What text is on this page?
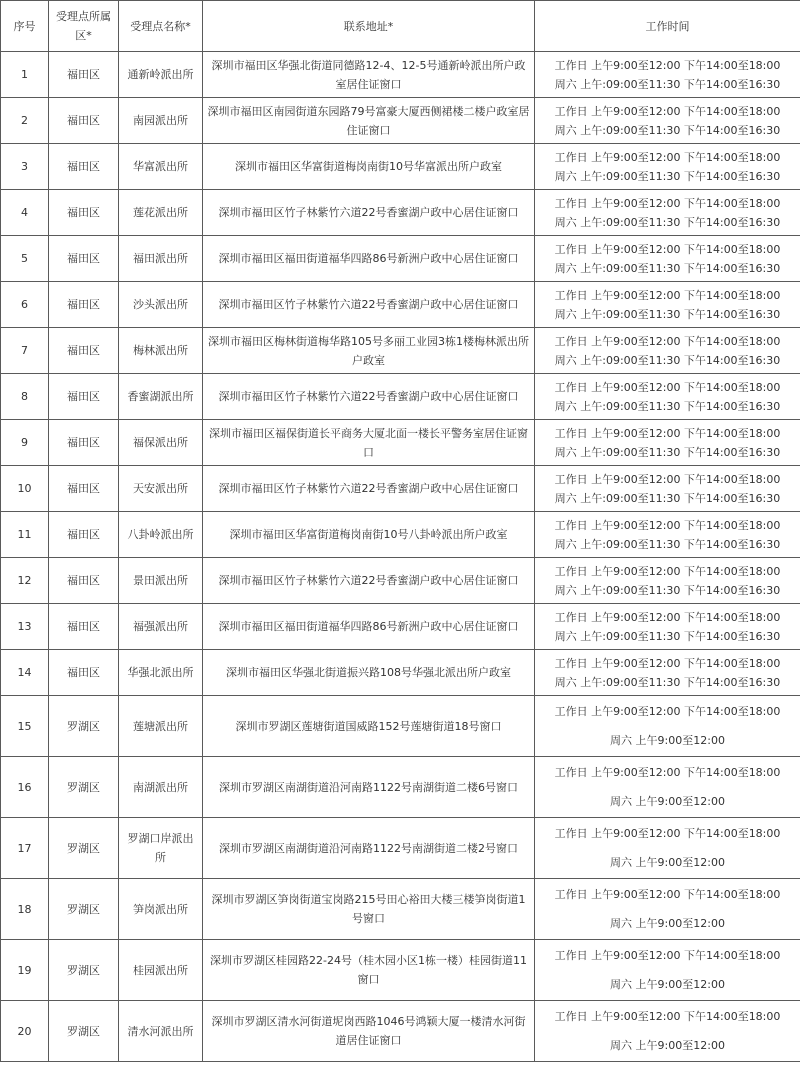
序号	受理点所属区*	受理点名称*	联系地址*	工作时间
1	福田区	通新岭派出所	深圳市福田区华强北街道同德路12-4、12-5号通新岭派出所户政室居住证窗口	工作日 上午9:00至12:00 下午14:00至18:00
周六 上午:09:00至11:30 下午14:00至16:30

2	福田区	南园派出所	深圳市福田区南园街道东园路79号富豪大厦西侧裙楼二楼户政室居住证窗口	工作日 上午9:00至12:00 下午14:00至18:00
周六 上午:09:00至11:30 下午14:00至16:30

3	福田区	华富派出所	深圳市福田区华富街道梅岗南街10号华富派出所户政室	工作日 上午9:00至12:00 下午14:00至18:00
周六 上午:09:00至11:30 下午14:00至16:30

4	福田区	莲花派出所	深圳市福田区竹子林紫竹六道22号香蜜湖户政中心居住证窗口	工作日 上午9:00至12:00 下午14:00至18:00
周六 上午:09:00至11:30 下午14:00至16:30

5	福田区	福田派出所	深圳市福田区福田街道福华四路86号新洲户政中心居住证窗口	工作日 上午9:00至12:00 下午14:00至18:00
周六 上午:09:00至11:30 下午14:00至16:30

6	福田区	沙头派出所	深圳市福田区竹子林紫竹六道22号香蜜湖户政中心居住证窗口	工作日 上午9:00至12:00 下午14:00至18:00
周六 上午:09:00至11:30 下午14:00至16:30

7	福田区	梅林派出所	深圳市福田区梅林街道梅华路105号多丽工业园3栋1楼梅林派出所户政室	工作日 上午9:00至12:00 下午14:00至18:00
周六 上午:09:00至11:30 下午14:00至16:30

8	福田区	香蜜湖派出所	深圳市福田区竹子林紫竹六道22号香蜜湖户政中心居住证窗口	工作日 上午9:00至12:00 下午14:00至18:00
周六 上午:09:00至11:30 下午14:00至16:30

9	福田区	福保派出所	深圳市福田区福保街道长平商务大厦北面一楼长平警务室居住证窗口	工作日 上午9:00至12:00 下午14:00至18:00
周六 上午:09:00至11:30 下午14:00至16:30

10	福田区	天安派出所	深圳市福田区竹子林紫竹六道22号香蜜湖户政中心居住证窗口	工作日 上午9:00至12:00 下午14:00至18:00
周六 上午:09:00至11:30 下午14:00至16:30

11	福田区	八卦岭派出所	深圳市福田区华富街道梅岗南街10号八卦岭派出所户政室	工作日 上午9:00至12:00 下午14:00至18:00
周六 上午:09:00至11:30 下午14:00至16:30

12	福田区	景田派出所	深圳市福田区竹子林紫竹六道22号香蜜湖户政中心居住证窗口	工作日 上午9:00至12:00 下午14:00至18:00
周六 上午:09:00至11:30 下午14:00至16:30

13	福田区	福强派出所	深圳市福田区福田街道福华四路86号新洲户政中心居住证窗口	工作日 上午9:00至12:00 下午14:00至18:00
周六 上午:09:00至11:30 下午14:00至16:30

14	福田区	华强北派出所	深圳市福田区华强北街道振兴路108号华强北派出所户政室	工作日 上午9:00至12:00 下午14:00至18:00
周六 上午:09:00至11:30 下午14:00至16:30

15	罗湖区	莲塘派出所	深圳市罗湖区莲塘街道国威路152号莲塘街道18号窗口	工作日 上午9:00至12:00 下午14:00至18:00
周六 上午9:00至12:00

16	罗湖区	南湖派出所	深圳市罗湖区南湖街道沿河南路1122号南湖街道二楼6号窗口	工作日 上午9:00至12:00 下午14:00至18:00
周六 上午9:00至12:00

17	罗湖区	罗湖口岸派出所	深圳市罗湖区南湖街道沿河南路1122号南湖街道二楼2号窗口	工作日 上午9:00至12:00 下午14:00至18:00
周六 上午9:00至12:00

18	罗湖区	笋岗派出所	深圳市罗湖区笋岗街道宝岗路215号田心裕田大楼三楼笋岗街道1号窗口	工作日 上午9:00至12:00 下午14:00至18:00
周六 上午9:00至12:00

19	罗湖区	桂园派出所	深圳市罗湖区桂园路22-24号（桂木园小区1栋一楼）桂园街道11窗口	工作日 上午9:00至12:00 下午14:00至18:00
周六 上午9:00至12:00

20	罗湖区	清水河派出所	深圳市罗湖区清水河街道坭岗西路1046号鸿颖大厦一楼清水河街道居住证窗口	工作日 上午9:00至12:00 下午14:00至18:00
周六 上午9:00至12:00
